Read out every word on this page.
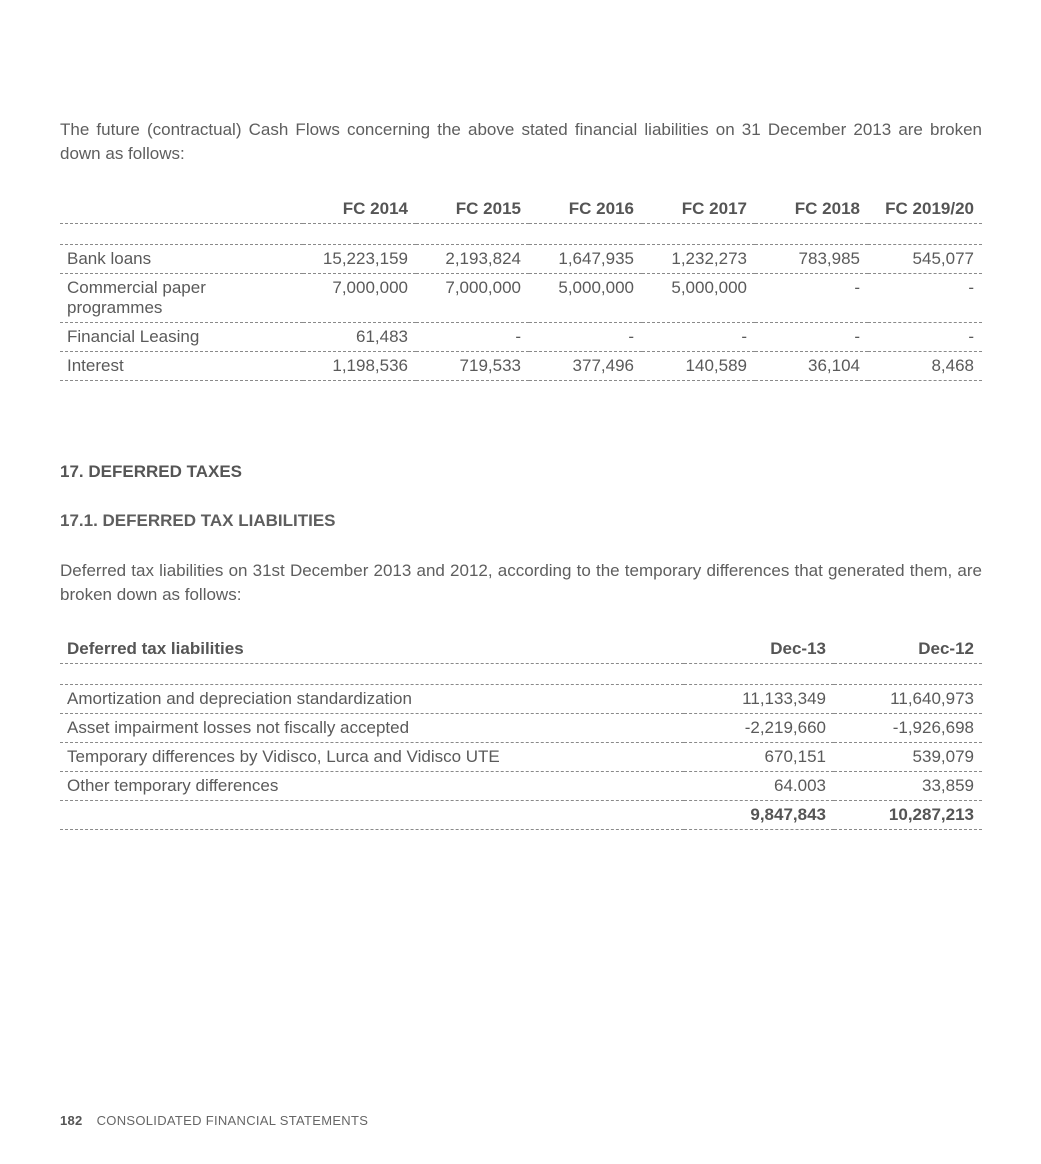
The future (contractual) Cash Flows concerning the above stated financial liabilities on 31 December 2013 are broken down as follows:

	FC 2014	FC 2015	FC 2016	FC 2017	FC 2018	FC 2019/20

Bank loans	15,223,159	2,193,824	1,647,935	1,232,273	783,985	545,077
Commercial paper programmes	7,000,000	7,000,000	5,000,000	5,000,000	-	-
Financial Leasing	61,483	-	-	-	-	-
Interest	1,198,536	719,533	377,496	140,589	36,104	8,468
17. DEFERRED TAXES
17.1. DEFERRED TAX LIABILITIES

Deferred tax liabilities on 31st December 2013 and 2012, according to the temporary differences that generated them, are broken down as follows:

Deferred tax liabilities	Dec-13	Dec-12

Amortization and depreciation standardization	11,133,349	11,640,973
Asset impairment losses not fiscally accepted	-2,219,660	-1,926,698
Temporary differences by Vidisco, Lurca and Vidisco UTE	670,151	539,079
Other temporary differences	64.003	33,859
	9,847,843	10,287,213
182 CONSOLIDATED FINANCIAL STATEMENTS
